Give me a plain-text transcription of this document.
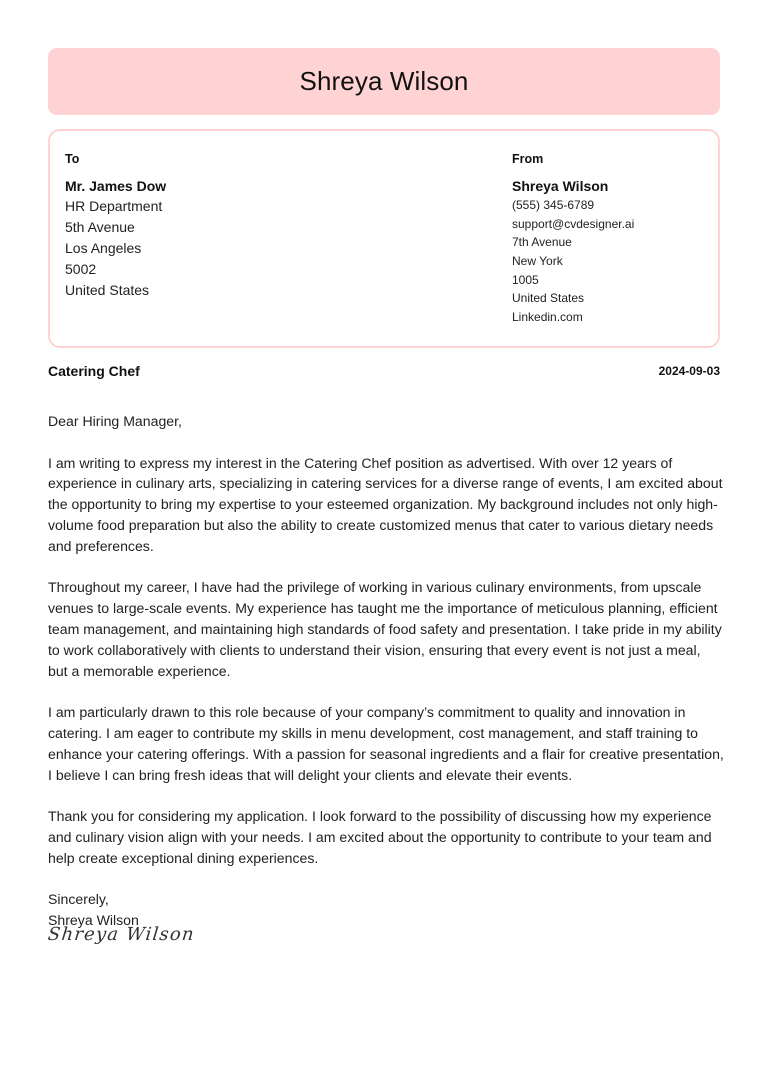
Shreya Wilson
To
Mr. James Dow
HR Department
5th Avenue
Los Angeles
5002
United States
From
Shreya Wilson
(555) 345-6789
support@cvdesigner.ai
7th Avenue
New York
1005
United States
Linkedin.com
Catering Chef	2024-09-03

Dear Hiring Manager,

I am writing to express my interest in the Catering Chef position as advertised. With over 12 years of experience in culinary arts, specializing in catering services for a diverse range of events, I am excited about the opportunity to bring my expertise to your esteemed organization. My background includes not only high-volume food preparation but also the ability to create customized menus that cater to various dietary needs and preferences.

Throughout my career, I have had the privilege of working in various culinary environments, from upscale venues to large-scale events. My experience has taught me the importance of meticulous planning, efficient team management, and maintaining high standards of food safety and presentation. I take pride in my ability to work collaboratively with clients to understand their vision, ensuring that every event is not just a meal, but a memorable experience.

I am particularly drawn to this role because of your company’s commitment to quality and innovation in catering. I am eager to contribute my skills in menu development, cost management, and staff training to enhance your catering offerings. With a passion for seasonal ingredients and a flair for creative presentation, I believe I can bring fresh ideas that will delight your clients and elevate their events.

Thank you for considering my application. I look forward to the possibility of discussing how my experience and culinary vision align with your needs. I am excited about the opportunity to contribute to your team and help create exceptional dining experiences.

Sincerely,

Shreya Wilson

Shreya Wilson
